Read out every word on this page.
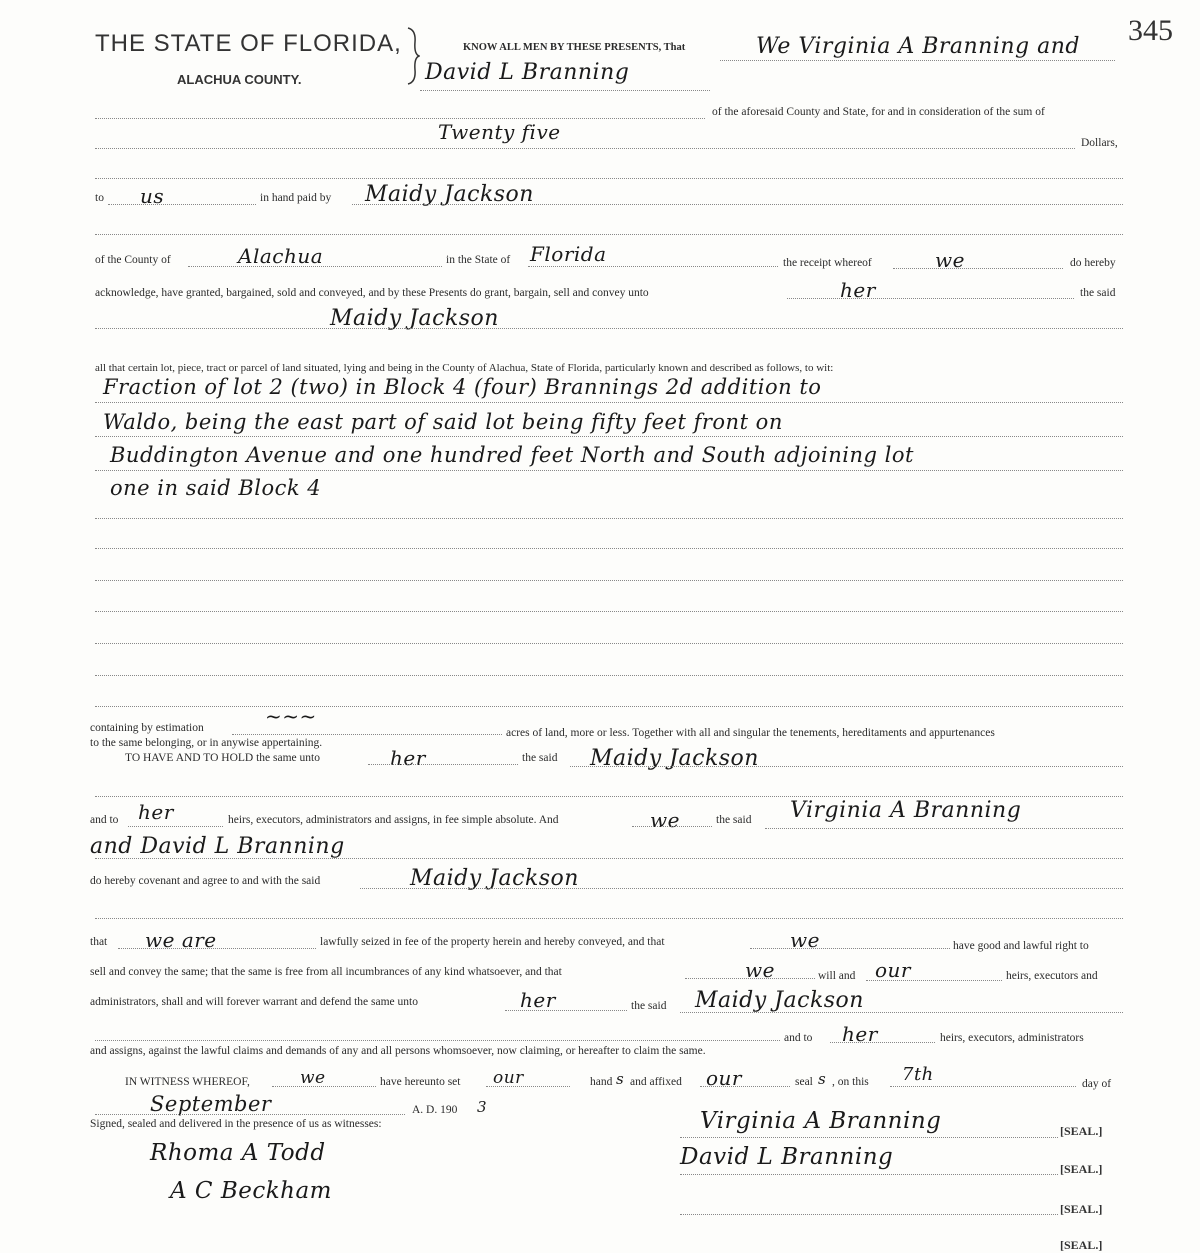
THE STATE OF FLORIDA,
ALACHUA COUNTY.
345
KNOW ALL MEN BY THESE PRESENTS, That	We Virginia A Branning and
David L Branning
of the aforesaid County and State, for and in consideration of the sum of
Twenty five	Dollars,
to us	in hand paid by Maidy Jackson
of the County of	Alachua	in the State of Florida	the receipt whereof	we	do hereby
acknowledge, have granted, bargained, sold and conveyed, and by these Presents do grant, bargain, sell and convey unto	her	the said
Maidy Jackson
all that certain lot, piece, tract or parcel of land situated, lying and being in the County of Alachua, State of Florida, particularly known and described as follows, to wit:
Fraction of lot 2 (two) in Block 4 (four) Brannings 2d addition to
Waldo, being the east part of said lot being fifty feet front on
Buddington Avenue and one hundred feet North and South adjoining lot
one in said Block 4
containing by estimation	~~~
acres of land, more or less. Together with all and singular the tenements, hereditaments and appurtenances
to the same belonging, or in anywise appertaining.
TO HAVE AND TO HOLD the same unto	her	the said Maidy Jackson
and to her	heirs, executors, administrators and assigns, in fee simple absolute. And	we	the said Virginia A Branning
and David L Branning
do hereby covenant and agree to and with the said	Maidy Jackson
that we are	lawfully seized in fee of the property herein and hereby conveyed, and that	we	have good and lawful right to
sell and convey the same; that the same is free from all incumbrances of any kind whatsoever, and that	we	will and our	heirs, executors and
administrators, shall and will forever warrant and defend the same unto	her	the said Maidy Jackson
and to her	heirs, executors, administrators
and assigns, against the lawful claims and demands of any and all persons whomsoever, now claiming, or hereafter to claim the same.
IN WITNESS WHEREOF,	we	have hereunto set our	hand s and affixed our	seal s , on this 7th	day of
September	A. D. 190 3
Signed, sealed and delivered in the presence of us as witnesses:
Rhoma A Todd
A C Beckham
Virginia A Branning	[SEAL.]
David L Branning	[SEAL.]
[SEAL.]
[SEAL.]
